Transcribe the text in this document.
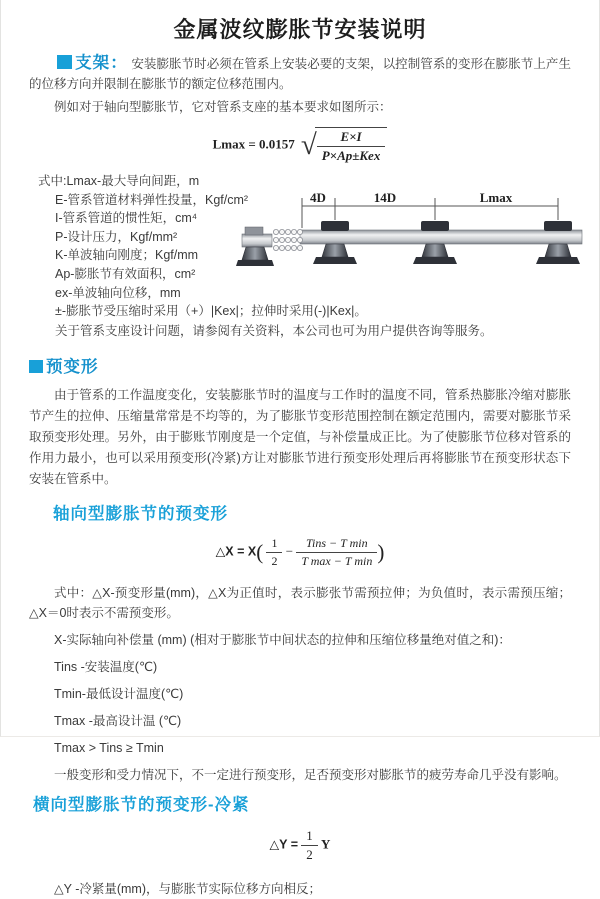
金属波纹膨胀节安装说明

支架： 安装膨胀节时必须在管系上安装必要的支架，以控制管系的变形在膨胀节上产生的位移方向并限制在膨胀节的额定位移范围内。

例如对于轴向型膨胀节，它对管系支座的基本要求如图所示：

Lmax = 0.0157 √ $\frac{E\times I}{\text{P×Ap±Kex}}$
式中:Lmax-最大导向间距，m
E-管系管道材料弹性投量，Kgf/cm²
I-管系管道的惯性矩，cm⁴
P-设计压力，Kgf/mm²
K-单波轴向刚度；Kgf/mm
Ap-膨胀节有效面积，cm²
ex-单波轴向位移，mm
±-膨胀节受压缩时采用（+）|Kex|；拉伸时采用(-)|Kex|。
关于管系支座设计问题，请参阅有关资料，本公司也可为用户提供咨询等服务。
4D	14D	Lmax
预变形

由于管系的工作温度变化，安装膨胀节时的温度与工作时的温度不同，管系热膨胀冷缩对膨胀节产生的拉伸、压缩量常常是不均等的，为了膨胀节变形范围控制在额定范围内，需要对膨胀节采取预变形处理。另外，由于膨账节刚度是一个定值，与补偿量成正比。为了使膨胀节位移对管系的作用力最小，也可以采用预变形(冷紧)方让对膨胀节进行预变形处理后再将膨胀节在预变形状态下安装在管系中。

轴向型膨胀节的预变形
△X = $X( \frac{1}{2} - \frac{\text{Tins − T min}}{\text{T max − T min}}$ )

式中：△X-预变形量(mm)，△X为正值时，表示膨张节需预拉伸；为负值时，表示需预压缩；△X＝0时表示不需预变形。

X-实际轴向补偿量 (mm) (相对于膨胀节中间状态的拉伸和压缩位移量绝对值之和)：

Tins -安装温度(℃)

Tmin-最低设计温度(℃)

Tmax -最高设计温 (℃)

Tmax > Tins ≥ Tmin

一般变形和受力情况下，不一定进行预变形，足否预变形对膨胀节的疲劳寿命几乎没有影响。

横向型膨胀节的预变形-冷紧
△Y = $\frac{1}{2}$ Y

△Y -冷紧量(mm)，与膨胀节实际位移方向相反；
